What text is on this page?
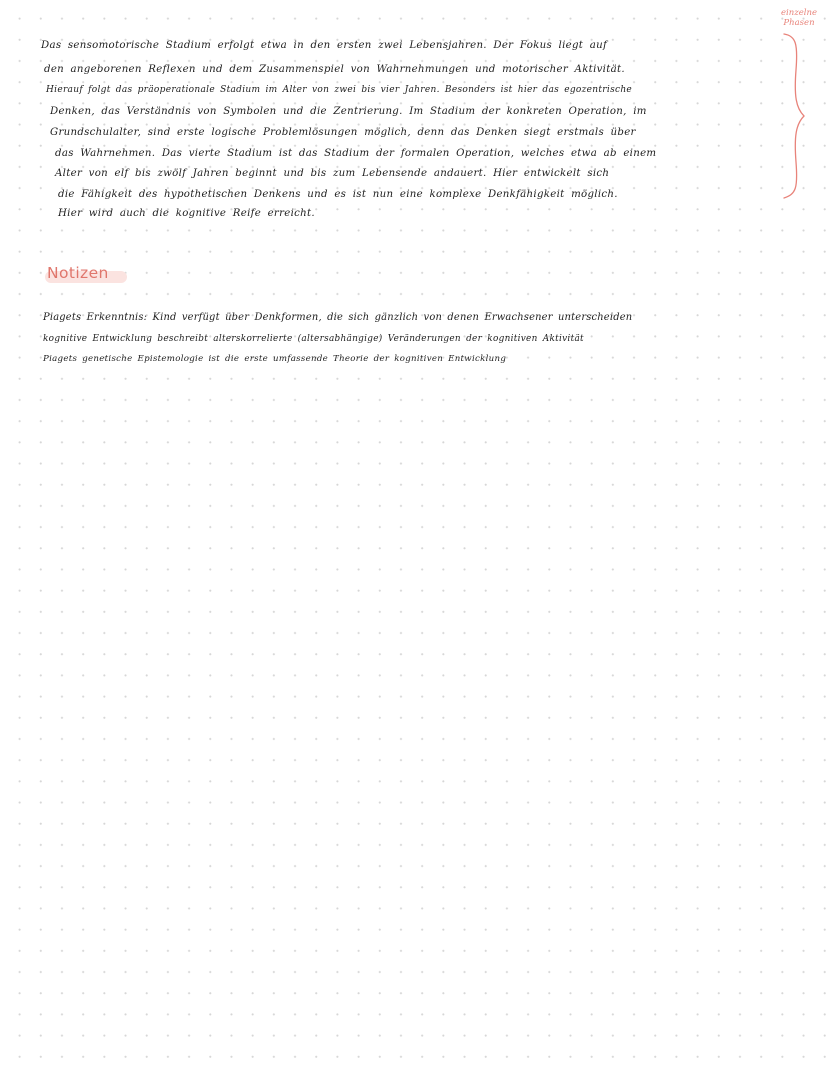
einzelne Phasen
Das sensomotorische Stadium erfolgt etwa in den ersten zwei Lebensjahren. Der Fokus liegt auf
den angeborenen Reflexen und dem Zusammenspiel von Wahrnehmungen und motorischer Aktivität.
Hierauf folgt das präoperationale Stadium im Alter von zwei bis vier Jahren. Besonders ist hier das egozentrische
Denken, das Verständnis von Symbolen und die Zentrierung. Im Stadium der konkreten Operation, im
Grundschulalter, sind erste logische Problemlösungen möglich, denn das Denken siegt erstmals über
das Wahrnehmen. Das vierte Stadium ist das Stadium der formalen Operation, welches etwa ab einem
Alter von elf bis zwölf Jahren beginnt und bis zum Lebensende andauert. Hier entwickelt sich
die Fähigkeit des hypothetischen Denkens und es ist nun eine komplexe Denkfähigkeit möglich.
Hier wird auch die kognitive Reife erreicht.
Notizen
Piagets Erkenntnis: Kind verfügt über Denkformen, die sich gänzlich von denen Erwachsener unterscheiden
kognitive Entwicklung beschreibt alterskorrelierte (altersabhängige) Veränderungen der kognitiven Aktivität
Piagets genetische Epistemologie ist die erste umfassende Theorie der kognitiven Entwicklung
